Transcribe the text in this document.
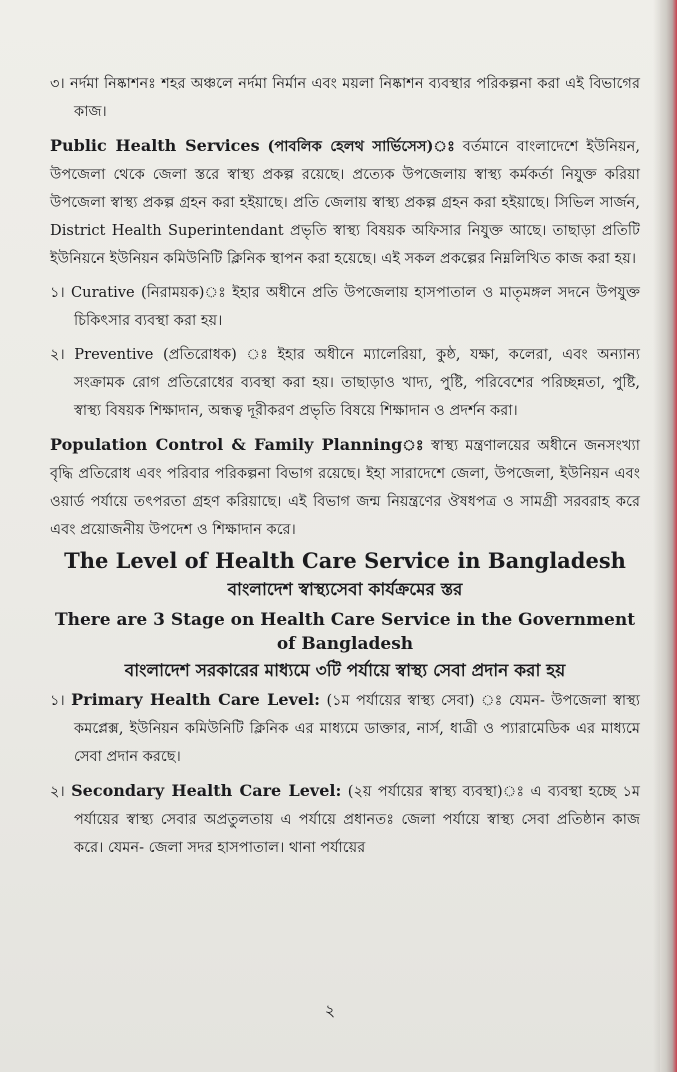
৩। নর্দমা নিষ্কাশনঃ শহর অঞ্চলে নর্দমা নির্মান এবং ময়লা নিষ্কাশন ব্যবস্থার পরিকল্পনা করা এই বিভাগের কাজ।

Public Health Services (পাবলিক হেলথ সার্ভিসেস)ঃ বর্তমানে বাংলাদেশে ইউনিয়ন, উপজেলা থেকে জেলা স্তরে স্বাস্থ্য প্রকল্প রয়েছে। প্রত্যেক উপজেলায় স্বাস্থ্য কর্মকর্তা নিযুক্ত করিয়া উপজেলা স্বাস্থ্য প্রকল্প গ্রহন করা হইয়াছে। প্রতি জেলায় স্বাস্থ্য প্রকল্প গ্রহন করা হইয়াছে। সিভিল সার্জন, District Health Superintendant প্রভৃতি স্বাস্থ্য বিষয়ক অফিসার নিযুক্ত আছে। তাছাড়া প্রতিটি ইউনিয়নে ইউনিয়ন কমিউনিটি ক্লিনিক স্থাপন করা হয়েছে। এই সকল প্রকল্পের নিম্নলিখিত কাজ করা হয়।

১। Curative (নিরাময়ক)ঃ ইহার অধীনে প্রতি উপজেলায় হাসপাতাল ও মাতৃমঙ্গল সদনে উপযুক্ত চিকিৎসার ব্যবস্থা করা হয়।

২। Preventive (প্রতিরোধক) ঃ ইহার অধীনে ম্যালেরিয়া, কুষ্ঠ, যক্ষা, কলেরা, এবং অন্যান্য সংক্রামক রোগ প্রতিরোধের ব্যবস্থা করা হয়। তাছাড়াও খাদ্য, পুষ্টি, পরিবেশের পরিচ্ছন্নতা, পুষ্টি, স্বাস্থ্য বিষয়ক শিক্ষাদান, অন্ধত্ব দূরীকরণ প্রভৃতি বিষয়ে শিক্ষাদান ও প্রদর্শন করা।

Population Control & Family Planningঃ স্বাস্থ্য মন্ত্রণালয়ের অধীনে জনসংখ্যা বৃদ্ধি প্রতিরোধ এবং পরিবার পরিকল্পনা বিভাগ রয়েছে। ইহা সারাদেশে জেলা, উপজেলা, ইউনিয়ন এবং ওয়ার্ড পর্যায়ে তৎপরতা গ্রহণ করিয়াছে। এই বিভাগ জন্ম নিয়ন্ত্রণের ঔষধপত্র ও সামগ্রী সরবরাহ করে এবং প্রয়োজনীয় উপদেশ ও শিক্ষাদান করে।

The Level of Health Care Service in Bangladesh
বাংলাদেশ স্বাস্থ্যসেবা কার্যক্রমের স্তর
There are 3 Stage on Health Care Service in the Government of Bangladesh
বাংলাদেশ সরকারের মাধ্যমে ৩টি পর্যায়ে স্বাস্থ্য সেবা প্রদান করা হয়

১। Primary Health Care Level: (১ম পর্যায়ের স্বাস্থ্য সেবা) ঃ যেমন- উপজেলা স্বাস্থ্য কমপ্লেক্স, ইউনিয়ন কমিউনিটি ক্লিনিক এর মাধ্যমে ডাক্তার, নার্স, ধাত্রী ও প্যারামেডিক এর মাধ্যমে সেবা প্রদান করছে।

২। Secondary Health Care Level: (২য় পর্যায়ের স্বাস্থ্য ব্যবস্থা)ঃ এ ব্যবস্থা হচ্ছে ১ম পর্যায়ের স্বাস্থ্য সেবার অপ্রতুলতায় এ পর্যায়ে প্রধানতঃ জেলা পর্যায়ে স্বাস্থ্য সেবা প্রতিষ্ঠান কাজ করে। যেমন- জেলা সদর হাসপাতাল। থানা পর্যায়ের

২
